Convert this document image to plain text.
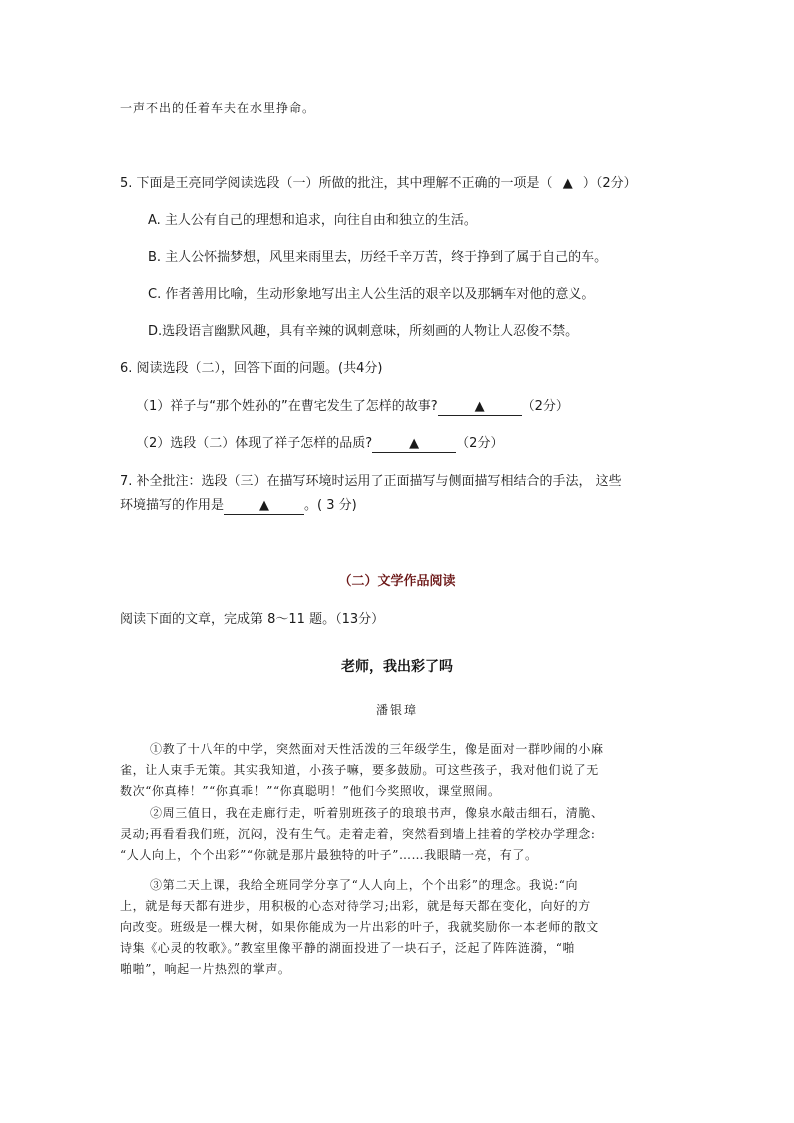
一声不出的任着车夫在水里挣命。
5. 下面是王亮同学阅读选段（一）所做的批注，其中理解不正确的一项是（ ▲ ）（2分）
A. 主人公有自己的理想和追求，向往自由和独立的生活。
B. 主人公怀揣梦想，风里来雨里去，历经千辛万苦，终于挣到了属于自己的车。
C. 作者善用比喻，生动形象地写出主人公生活的艰辛以及那辆车对他的意义。
D.选段语言幽默风趣，具有辛辣的讽刺意味，所刻画的人物让人忍俊不禁。
6. 阅读选段（二），回答下面的问题。(共4分)
（1）祥子与“那个姓孙的”在曹宅发生了怎样的故事?	▲	（2分）
（2）选段（二）体现了祥子怎样的品质?	▲	（2分）
7. 补全批注：选段（三）在描写环境时运用了正面描写与侧面描写相结合的手法， 这些
环境描写的作用是	▲	。( 3 分)
（二）文学作品阅读
阅读下面的文章，完成第 8～11 题。（13分）
老师，我出彩了吗
潘银璋
①教了十八年的中学，突然面对天性活泼的三年级学生，像是面对一群吵闹的小麻
雀，让人束手无策。其实我知道，小孩子嘛，要多鼓励。可这些孩子，我对他们说了无
数次“你真棒！”“你真乖！”“你真聪明！”他们今奖照收，课堂照闹。
②周三值日，我在走廊行走，听着别班孩子的琅琅书声，像泉水敲击细石，清脆、
灵动;再看看我们班，沉闷，没有生气。走着走着，突然看到墙上挂着的学校办学理念:
“人人向上，个个出彩”“你就是那片最独特的叶子”……我眼睛一亮，有了。
③第二天上课，我给全班同学分享了“人人向上，个个出彩”的理念。我说:“向
上，就是每天都有进步，用积极的心态对待学习;出彩，就是每天都在变化，向好的方
向改变。班级是一棵大树，如果你能成为一片出彩的叶子，我就奖励你一本老师的散文
诗集《心灵的牧歌》。”教室里像平静的湖面投进了一块石子，泛起了阵阵涟漪，“啪
啪啪”，响起一片热烈的掌声。
